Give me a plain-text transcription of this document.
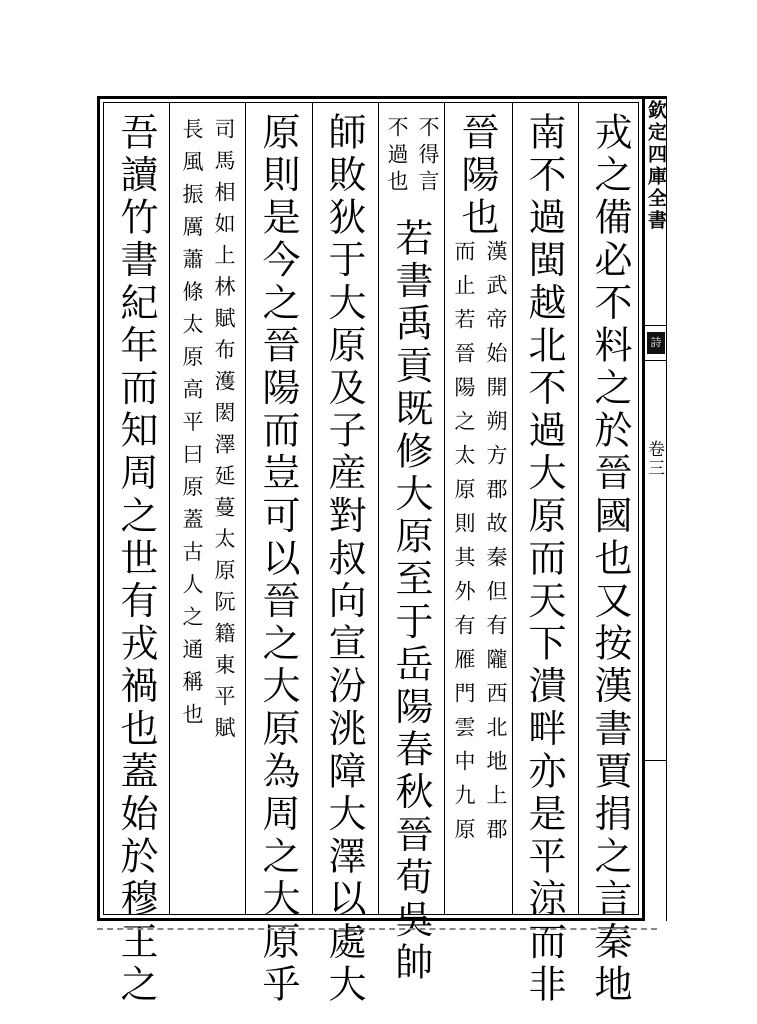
欽定四庫全書
詩
卷三
戎之備必不料之於晉國也又按漢書賈捐之言秦地
南不過閩越北不過大原而天下潰畔亦是平涼而非
晉陽也
漢武帝始開朔方郡故秦但有隴西北地上郡
而止若晉陽之太原則其外有雁門雲中九原
不得言
不過也
若書禹貢既修大原至于岳陽春秋晉荀吳帥
師敗狄于大原及子産對叔向宣汾洮障大澤以處大
原則是今之晉陽而豈可以晉之大原為周之大原乎
司馬相如上林賦布濩閎澤延蔓太原阮籍東平賦
長風振厲蕭條太原高平曰原蓋古人之通稱也
吾讀竹書紀年而知周之世有戎禍也蓋始於穆王之
